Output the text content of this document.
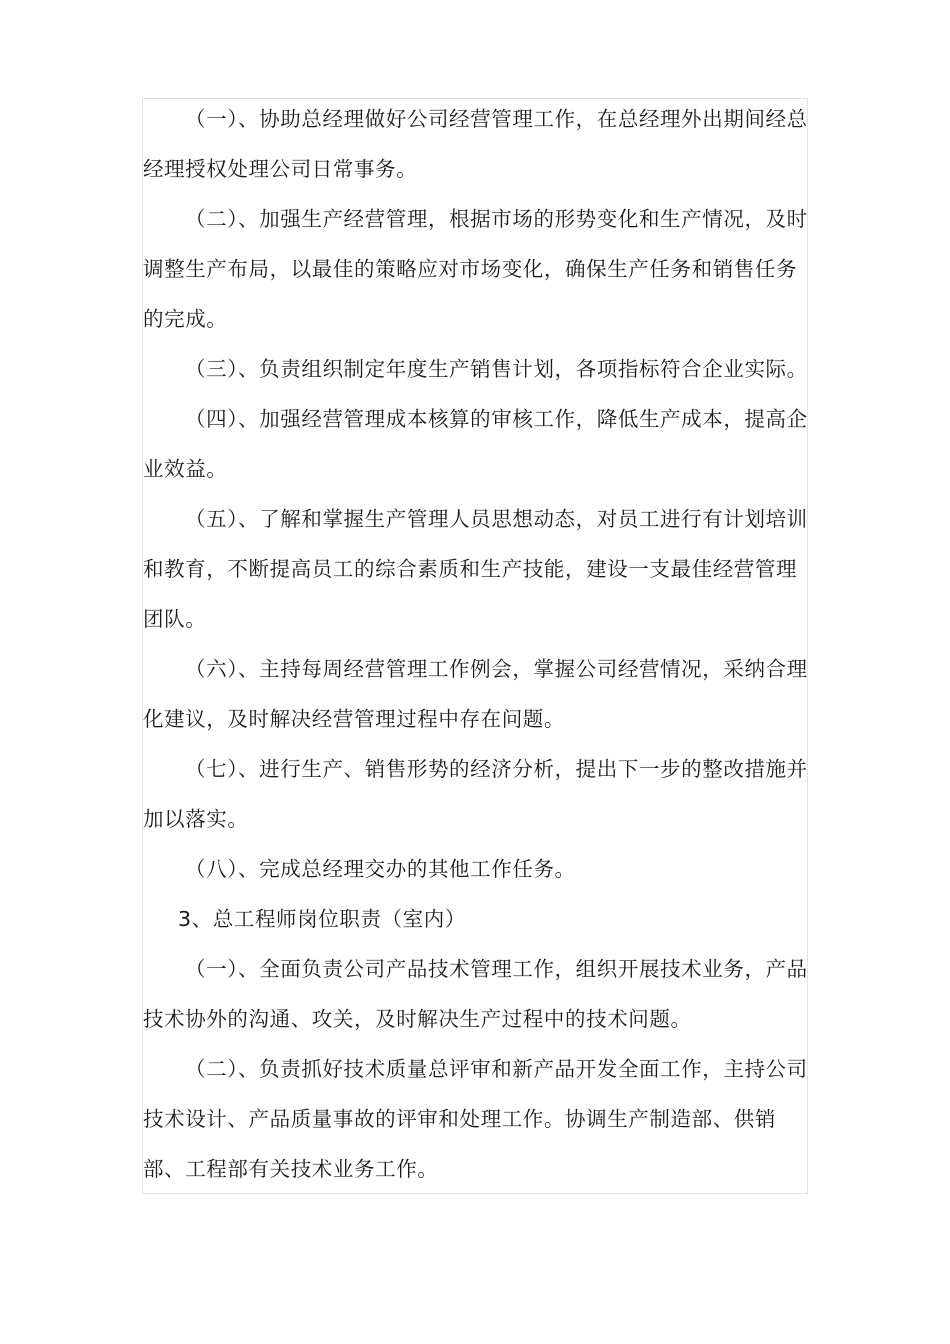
（一）、协助总经理做好公司经营管理工作，在总经理外出期间经总经理授权处理公司日常事务。

（二）、加强生产经营管理，根据市场的形势变化和生产情况，及时调整生产布局，以最佳的策略应对市场变化，确保生产任务和销售任务的完成。

（三）、负责组织制定年度生产销售计划，各项指标符合企业实际。

（四）、加强经营管理成本核算的审核工作，降低生产成本，提高企业效益。

（五）、了解和掌握生产管理人员思想动态，对员工进行有计划培训和教育，不断提高员工的综合素质和生产技能，建设一支最佳经营管理团队。

（六）、主持每周经营管理工作例会，掌握公司经营情况，采纳合理化建议，及时解决经营管理过程中存在问题。

（七）、进行生产、销售形势的经济分析，提出下一步的整改措施并加以落实。

（八）、完成总经理交办的其他工作任务。

3、总工程师岗位职责（室内）

（一）、全面负责公司产品技术管理工作，组织开展技术业务，产品技术协外的沟通、攻关，及时解决生产过程中的技术问题。

（二）、负责抓好技术质量总评审和新产品开发全面工作，主持公司技术设计、产品质量事故的评审和处理工作。协调生产制造部、供销部、工程部有关技术业务工作。
